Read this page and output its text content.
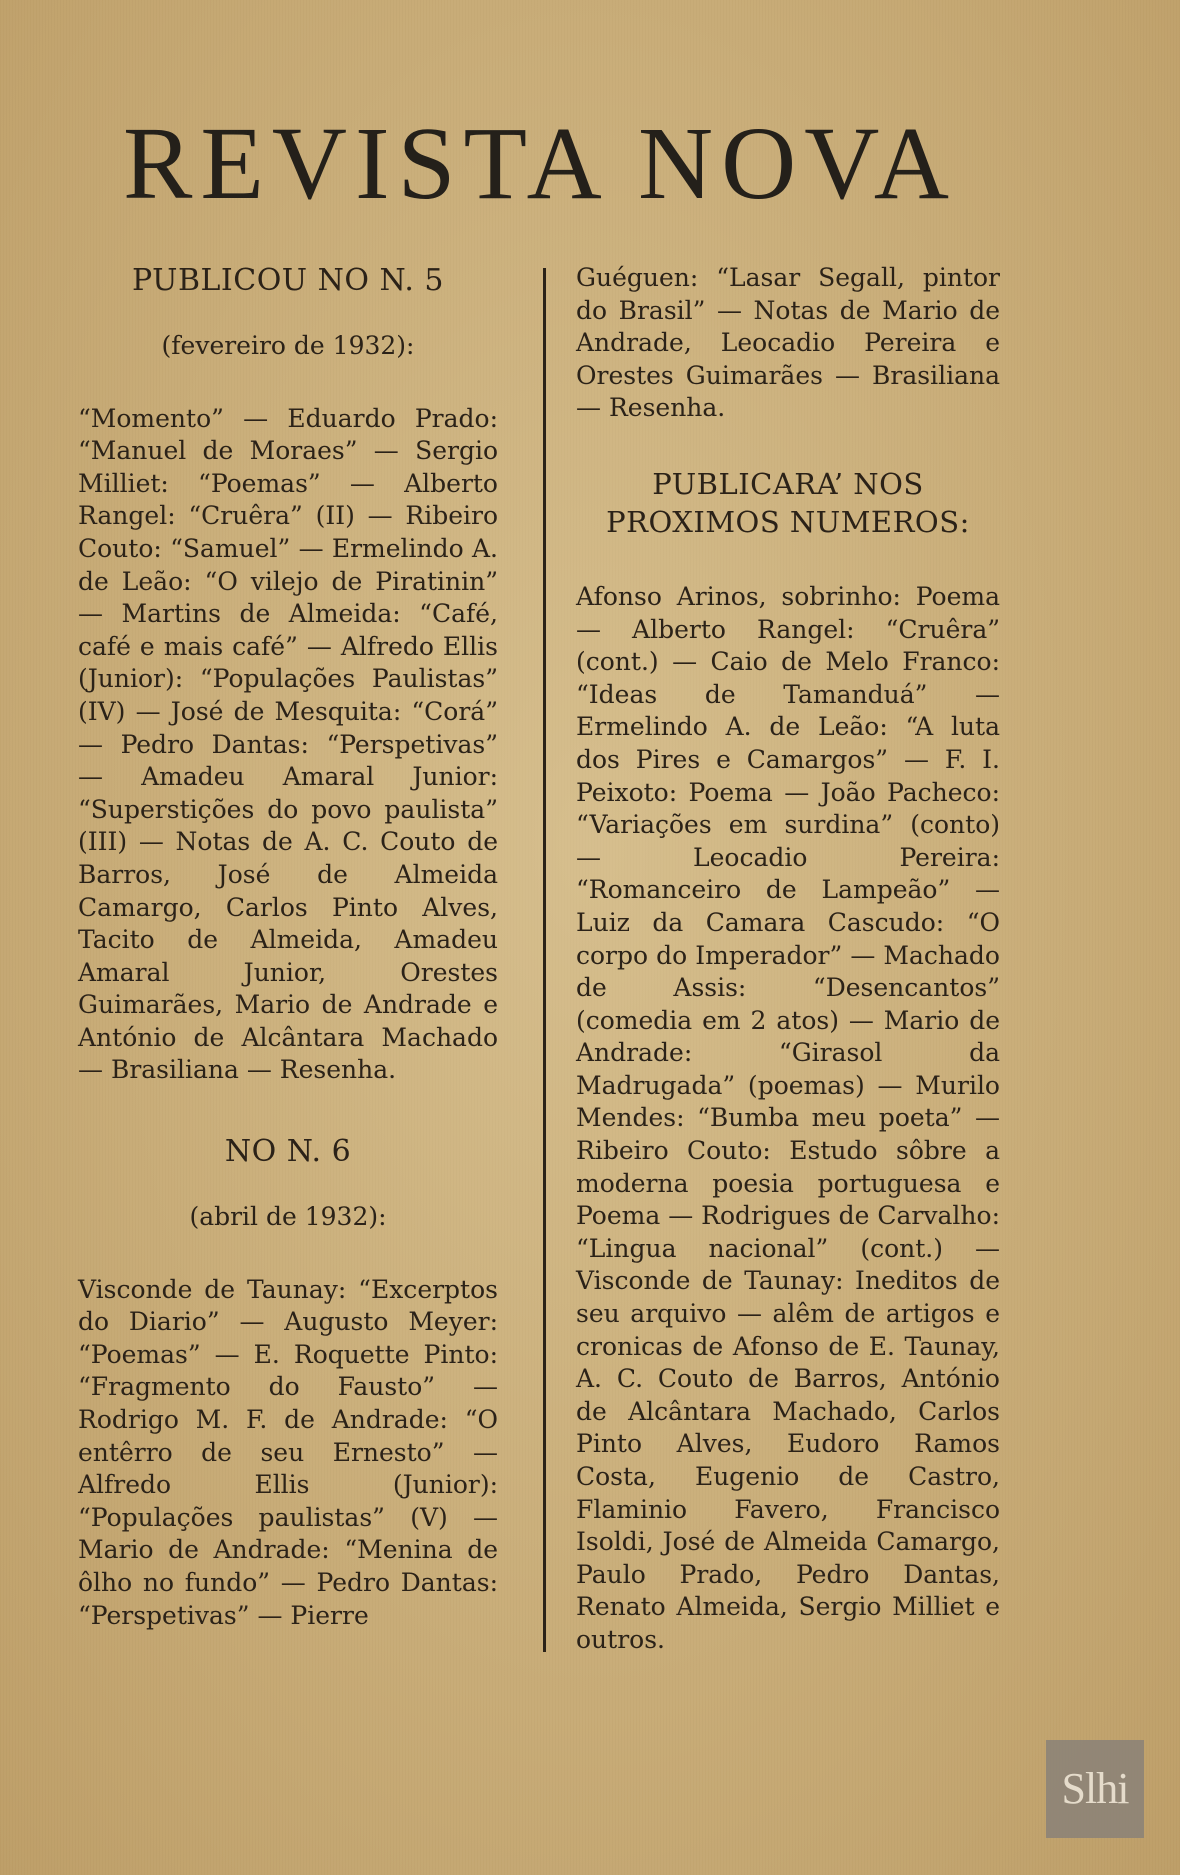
REVISTA NOVA
PUBLICOU NO N. 5
(fevereiro de 1932):
“Momento” — Eduardo Prado: “Manuel de Moraes” — Sergio Milliet: “Poemas” — Alberto Rangel: “Cruêra” (II) — Ribeiro Couto: “Samuel” — Ermelindo A. de Leão: “O vilejo de Piratinin” — Martins de Almeida: “Café, café e mais café” — Alfredo Ellis (Junior): “Populações Paulistas” (IV) — José de Mesquita: “Corá” — Pedro Dantas: “Perspetivas” — Amadeu Amaral Junior: “Superstições do povo paulista” (III) — Notas de A. C. Couto de Barros, José de Almeida Camargo, Carlos Pinto Alves, Tacito de Almeida, Amadeu Amaral Junior, Orestes Guimarães, Mario de Andrade e António de Alcântara Machado — Brasiliana — Resenha.
NO N. 6
(abril de 1932):
Visconde de Taunay: “Excerptos do Diario” — Augusto Meyer: “Poemas” — E. Roquette Pinto: “Fragmento do Fausto” — Rodrigo M. F. de Andrade: “O entêrro de seu Ernesto” — Alfredo Ellis (Junior): “Populações paulistas” (V) — Mario de Andrade: “Menina de ôlho no fundo” — Pedro Dantas: “Perspetivas” — Pierre
Guéguen: “Lasar Segall, pintor do Brasil” — Notas de Mario de Andrade, Leocadio Pereira e Orestes Guimarães — Brasiliana — Resenha.
PUBLICARA’ NOS PROXIMOS NUMEROS:
Afonso Arinos, sobrinho: Poema — Alberto Rangel: “Cruêra” (cont.) — Caio de Melo Franco: “Ideas de Tamanduá” — Ermelindo A. de Leão: “A luta dos Pires e Camargos” — F. I. Peixoto: Poema — João Pacheco: “Variações em surdina” (conto) — Leocadio Pereira: “Romanceiro de Lampeão” — Luiz da Camara Cascudo: “O corpo do Imperador” — Machado de Assis: “Desencantos” (comedia em 2 atos) — Mario de Andrade: “Girasol da Madrugada” (poemas) — Murilo Mendes: “Bumba meu poeta” — Ribeiro Couto: Estudo sôbre a moderna poesia portuguesa e Poema — Rodrigues de Carvalho: “Lingua nacional” (cont.) — Visconde de Taunay: Ineditos de seu arquivo — alêm de artigos e cronicas de Afonso de E. Taunay, A. C. Couto de Barros, António de Alcântara Machado, Carlos Pinto Alves, Eudoro Ramos Costa, Eugenio de Castro, Flaminio Favero, Francisco Isoldi, José de Almeida Camargo, Paulo Prado, Pedro Dantas, Renato Almeida, Sergio Milliet e outros.
Slhi
